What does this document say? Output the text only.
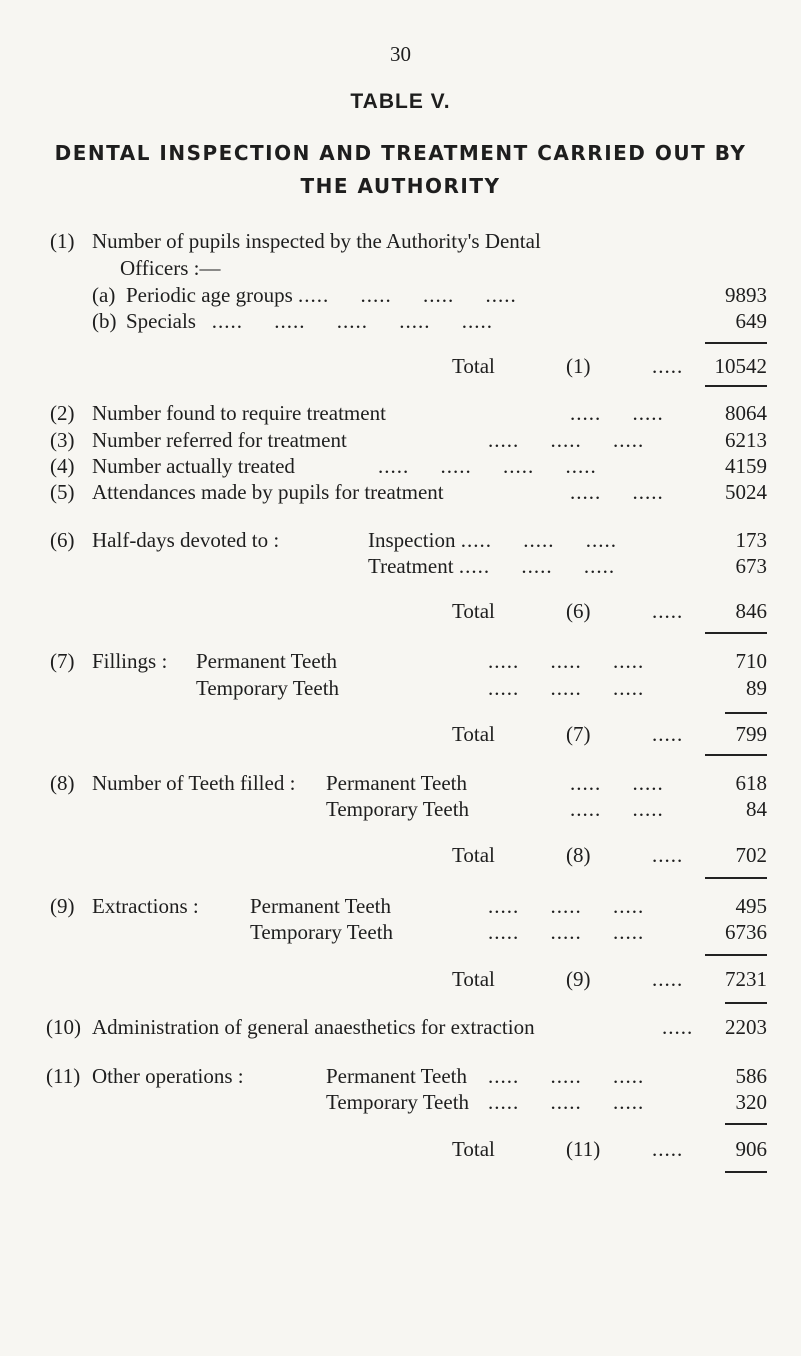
30
TABLE V.
DENTAL INSPECTION AND TREATMENT CARRIED OUT BY
THE AUTHORITY
(1) Number of pupils inspected by the Authority's Dental
Officers :—
(a) Periodic age groups .....     .....     .....     .....	9893
(b) Specials .....     .....     .....     .....     .....	649
Total	(1)	..... 10542
(2) Number found to require treatment	.....     .....	8064
(3) Number referred for treatment	.....     .....     .....	6213
(4) Number actually treated	.....     .....     .....     .....	4159
(5) Attendances made by pupils for treatment	.....     .....	5024
(6) Half-days devoted to :	Inspection .....     .....     .....	173
Treatment .....     .....     .....	673
Total	(6)	..... 846
(7) Fillings : Permanent Teeth	.....     .....     .....	710
Temporary Teeth	.....     .....     .....	89
Total	(7)	..... 799
(8) Number of Teeth filled : Permanent Teeth	.....     .....	618
Temporary Teeth	.....     .....	84
Total	(8)	..... 702
(9) Extractions : Permanent Teeth	.....     .....     .....	495
Temporary Teeth	.....     .....     .....	6736
Total	(9)	..... 7231
(10) Administration of general anaesthetics for extraction	..... 2203
(11) Other operations :	Permanent Teeth .....     .....     .....	586
Temporary Teeth .....     .....     .....	320
Total	(11) ..... 906
